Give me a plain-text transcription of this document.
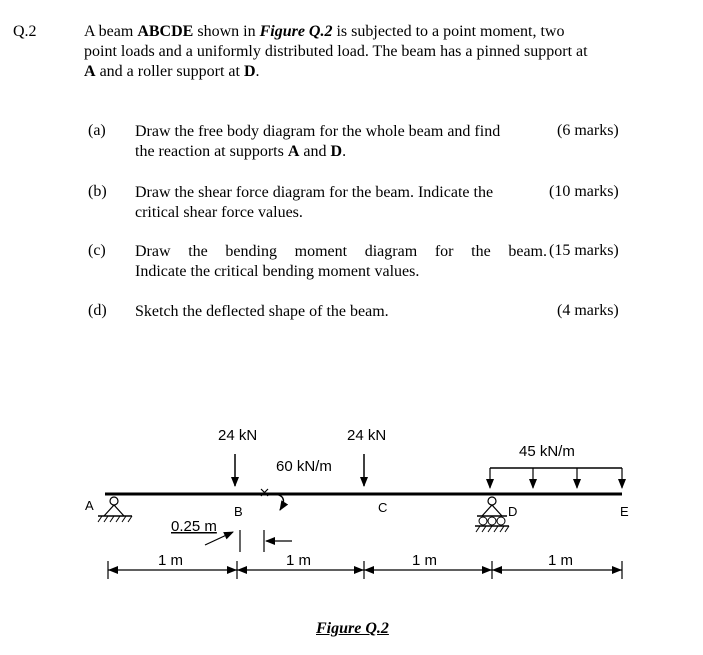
Q.2	A beam ABCDE shown in Figure Q.2 is subjected to a point moment, two
point loads and a uniformly distributed load. The beam has a pinned support at
A and a roller support at D.
(a) Draw the free body diagram for the whole beam and find
the reaction at supports A and D.
(6 marks)
(b) Draw the shear force diagram for the beam. Indicate the
critical shear force values.
(10 marks)
(c) Draw the bending moment diagram for the beam.
Indicate the critical bending moment values.
(15 marks)
(d) Sketch the deflected shape of the beam.	(4 marks)
24 kN	24 kN
60 kN/m
45 kN/m
A	B	C	D	E
0.25 m
1 m	1 m	1 m	1 m
Figure Q.2
